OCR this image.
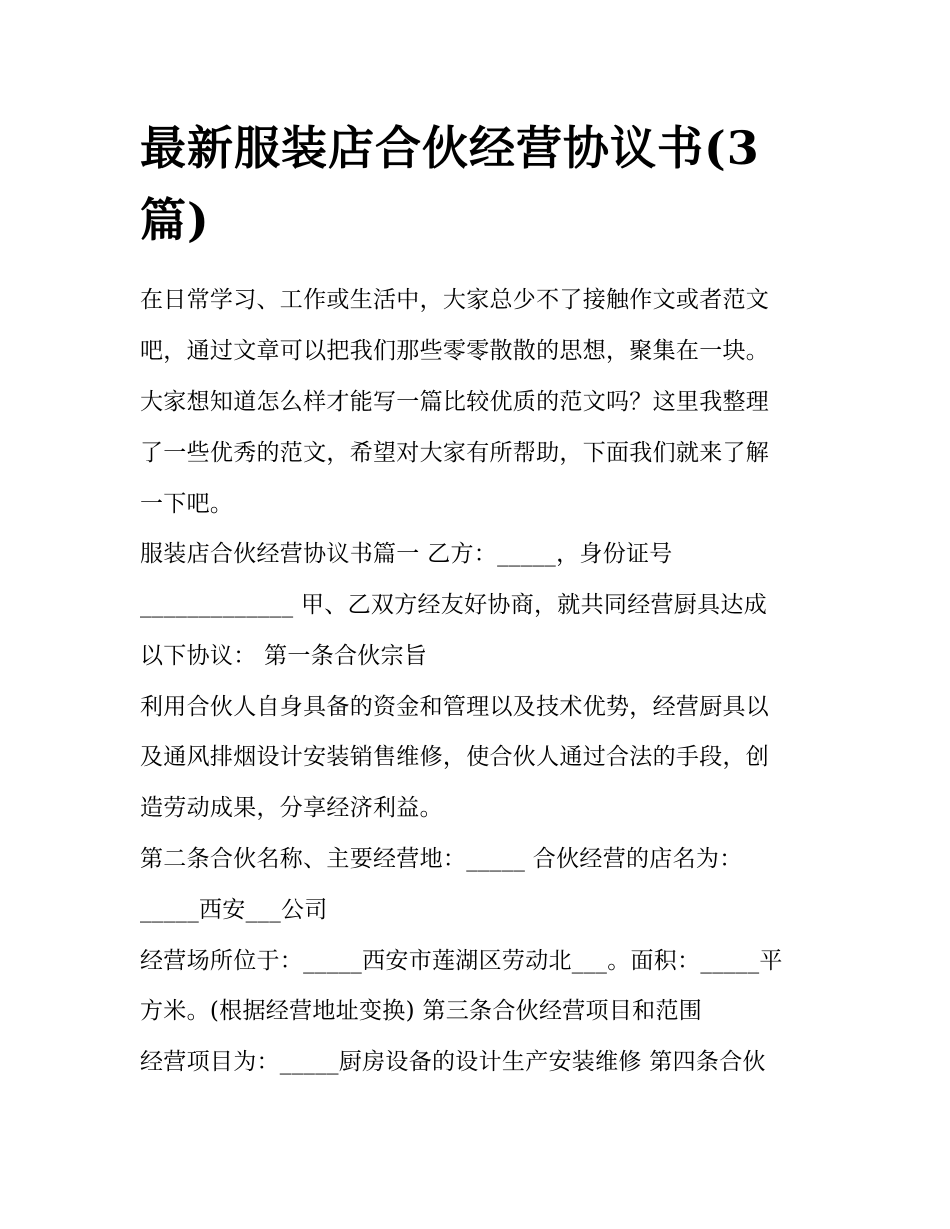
最新服装店合伙经营协议书(3篇)

在日常学习、工作或生活中，大家总少不了接触作文或者范文

吧，通过文章可以把我们那些零零散散的思想，聚集在一块。

大家想知道怎么样才能写一篇比较优质的范文吗？这里我整理

了一些优秀的范文，希望对大家有所帮助，下面我们就来了解

一下吧。

服装店合伙经营协议书篇一 乙方：_____，身份证号

_____________ 甲、乙双方经友好协商，就共同经营厨具达成

以下协议： 第一条合伙宗旨

利用合伙人自身具备的资金和管理以及技术优势，经营厨具以

及通风排烟设计安装销售维修，使合伙人通过合法的手段，创

造劳动成果，分享经济利益。

第二条合伙名称、主要经营地：_____ 合伙经营的店名为：

_____西安___公司

经营场所位于：_____西安市莲湖区劳动北___。面积：_____平

方米。(根据经营地址变换) 第三条合伙经营项目和范围

经营项目为：_____厨房设备的设计生产安装维修 第四条合伙
